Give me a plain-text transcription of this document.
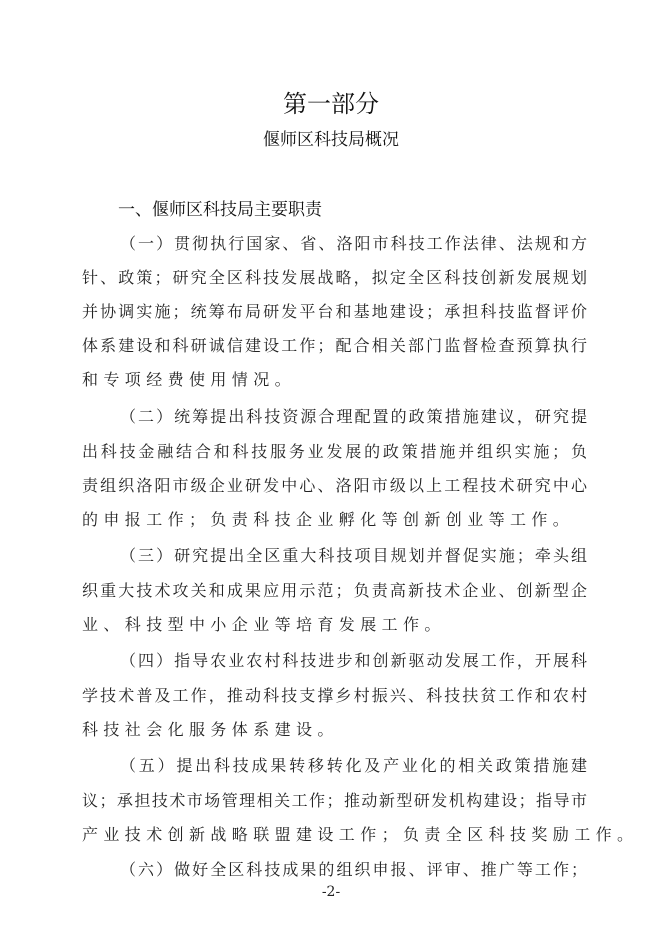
第一部分
偃师区科技局概况
一、偃师区科技局主要职责
（一）贯彻执行国家、省、洛阳市科技工作法律、法规和方
针、政策；研究全区科技发展战略，拟定全区科技创新发展规划
并协调实施；统筹布局研发平台和基地建设；承担科技监督评价
体系建设和科研诚信建设工作；配合相关部门监督检查预算执行
和专项经费使用情况。
（二）统筹提出科技资源合理配置的政策措施建议，研究提
出科技金融结合和科技服务业发展的政策措施并组织实施；负
责组织洛阳市级企业研发中心、洛阳市级以上工程技术研究中心
的申报工作；负责科技企业孵化等创新创业等工作。
（三）研究提出全区重大科技项目规划并督促实施；牵头组
织重大技术攻关和成果应用示范；负责高新技术企业、创新型企
业、科技型中小企业等培育发展工作。
（四）指导农业农村科技进步和创新驱动发展工作，开展科
学技术普及工作，推动科技支撑乡村振兴、科技扶贫工作和农村
科技社会化服务体系建设。
（五）提出科技成果转移转化及产业化的相关政策措施建
议；承担技术市场管理相关工作；推动新型研发机构建设；指导市
产业技术创新战略联盟建设工作；负责全区科技奖励工作。
（六）做好全区科技成果的组织申报、评审、推广等工作；
-2-
